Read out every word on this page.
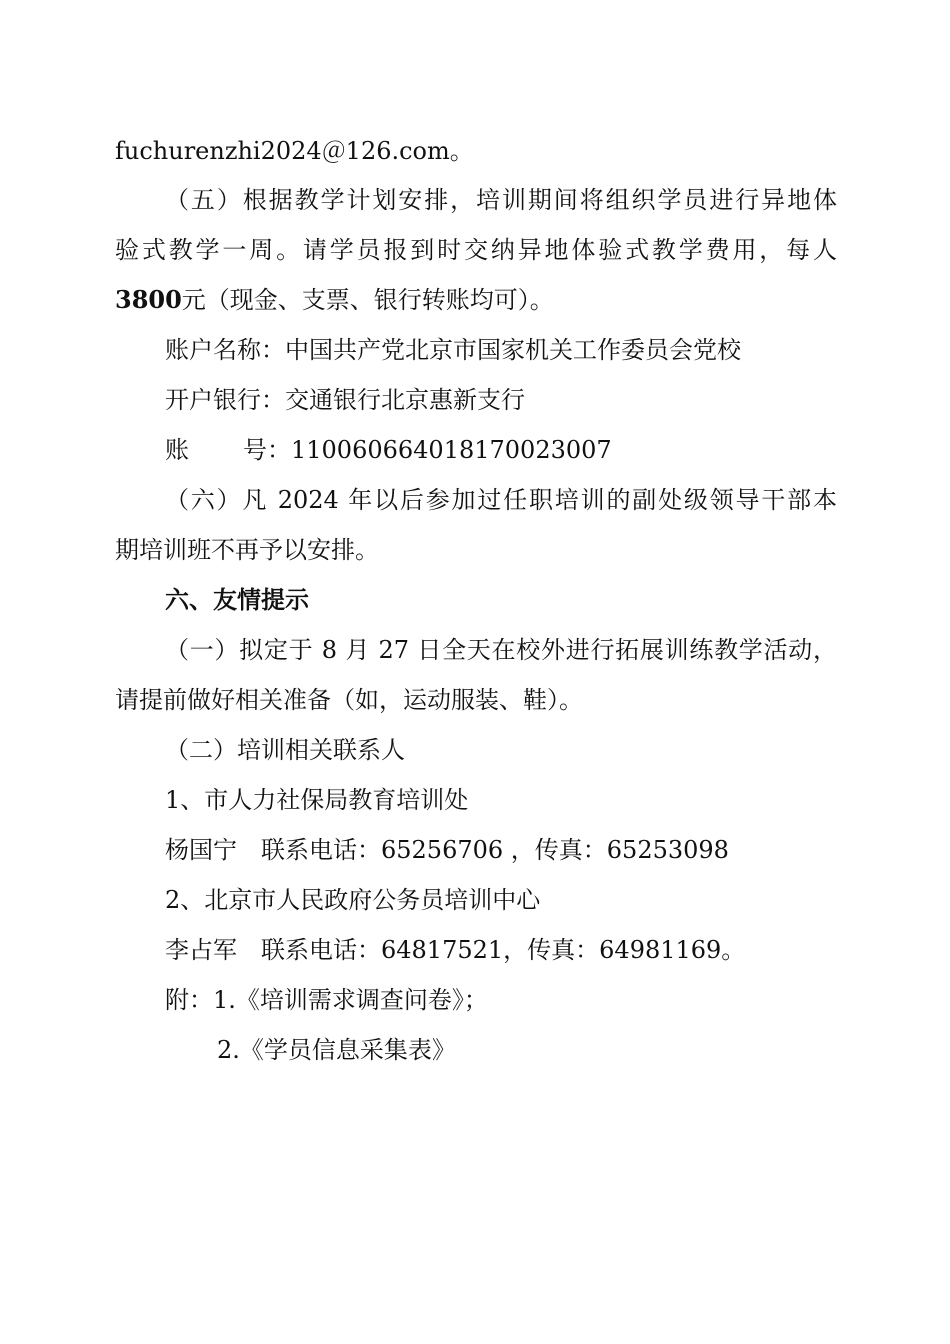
fuchurenzhi2024＠126.com。
（五）根据教学计划安排，培训期间将组织学员进行异地体
验式教学一周。请学员报到时交纳异地体验式教学费用，每人
3800元（现金、支票、银行转账均可）。
账户名称：中国共产党北京市国家机关工作委员会党校
开户银行：交通银行北京惠新支行
账 号：110060664018170023007
（六）凡 2024 年以后参加过任职培训的副处级领导干部本
期培训班不再予以安排。
六、友情提示
（一）拟定于 8 月 27 日全天在校外进行拓展训练教学活动，
请提前做好相关准备（如，运动服装、鞋）。
（二）培训相关联系人
1、市人力社保局教育培训处
杨国宁 联系电话：65256706 ，传真：65253098
2、北京市人民政府公务员培训中心
李占军 联系电话：64817521，传真：64981169。
附：1.《培训需求调查问卷》；
2.《学员信息采集表》
